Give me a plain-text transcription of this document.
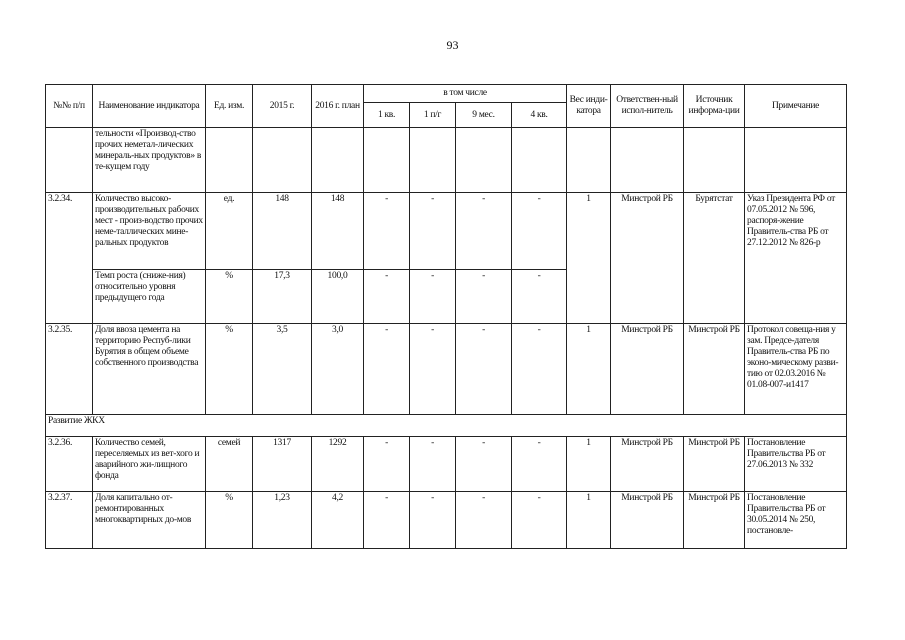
93
№№ п/п	Наименование индикатора	Ед. изм.	2015 г.	2016 г. план	в том числе				Вес инди-катора	Ответствен-ный испол-нитель	Источник информа-ции	Примечание
					1 кв.	1 п/г	9 мес.	4 кв.				
	тельности «Производ-ство прочих неметал-лических минераль-ных продуктов» в те-кущем году											
3.2.34.	Количество высоко-производительных рабочих мест - произ-водство прочих неме-таллических мине-ральных продуктов	ед.	148	148	-	-	-	-	1	Минстрой РБ	Бурятстат	Указ Президента РФ от 07.05.2012 № 596, распоря-жение Правитель-ства РБ от 27.12.2012 № 826-р
	Темп роста (сниже-ния) относительно уровня предыдущего года	%	17,3	100,0	-	-	-	-				
3.2.35.	Доля ввоза цемента на территорию Респуб-лики Бурятия в общем объеме собственного производства	%	3,5	3,0	-	-	-	-	1	Минстрой РБ	Минстрой РБ	Протокол совеща-ния у зам. Предсе-дателя Правитель-ства РБ по эконо-мическому разви-тию от 02.03.2016 № 01.08-007-и1417
Развитие ЖКХ												
3.2.36.	Количество семей, переселяемых из вет-хого и аварийного жи-лищного фонда	семей	1317	1292	-	-	-	-	1	Минстрой РБ	Минстрой РБ	Постановление Правительства РБ от 27.06.2013 № 332
3.2.37.	Доля капитально от-ремонтированных многоквартирных до-мов	%	1,23	4,2	-	-	-	-	1	Минстрой РБ	Минстрой РБ	Постановление Правительства РБ от 30.05.2014 № 250, постановле-
